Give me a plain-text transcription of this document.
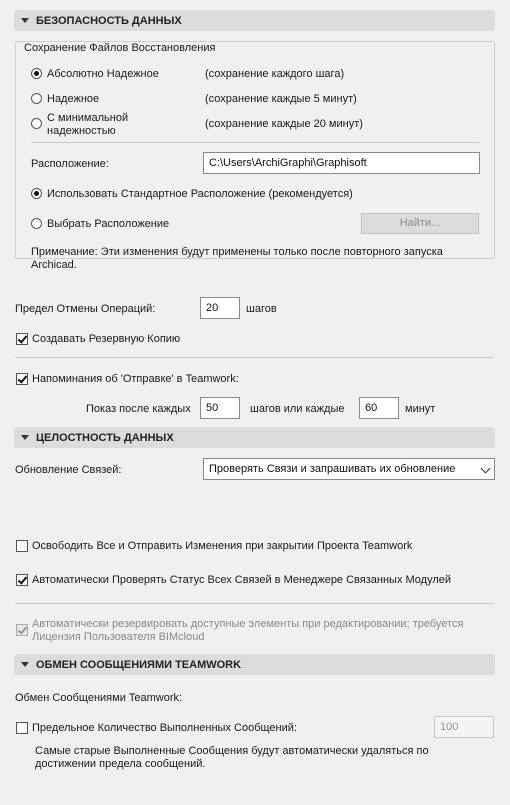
БЕЗОПАСНОСТЬ ДАННЫХ
Сохранение Файлов Восстановления
Абсолютно Надежное	(сохранение каждого шага)
Надежное	(сохранение каждые 5 минут)
С минимальной надежностью
(сохранение каждые 20 минут)
Расположение:	C:\Users\ArchiGraphi\Graphisoft
Использовать Стандартное Расположение (рекомендуется)
Выбрать Расположение	Найти...
Примечание: Эти изменения будут применены только после повторного запуска Archicad.
Предел Отмены Операций:	20	шагов
Создавать Резервную Копию
Напоминания об 'Отправке' в Teamwork:
Показ после каждых	50	шагов или каждые	60	минут
ЦЕЛОСТНОСТЬ ДАННЫХ
Обновление Связей:	Проверять Связи и запрашивать их обновление
Освободить Все и Отправить Изменения при закрытии Проекта Teamwork
Автоматически Проверять Статус Всех Связей в Менеджере Связанных Модулей
Автоматически резервировать доступные элементы при редактировании; требуется Лицензия Пользователя BIMcloud
ОБМЕН СООБЩЕНИЯМИ TEAMWORK
Обмен Сообщениями Teamwork:
Предельное Количество Выполненных Сообщений:	100
Самые старые Выполненные Сообщения будут автоматически удаляться по достижении предела сообщений.
